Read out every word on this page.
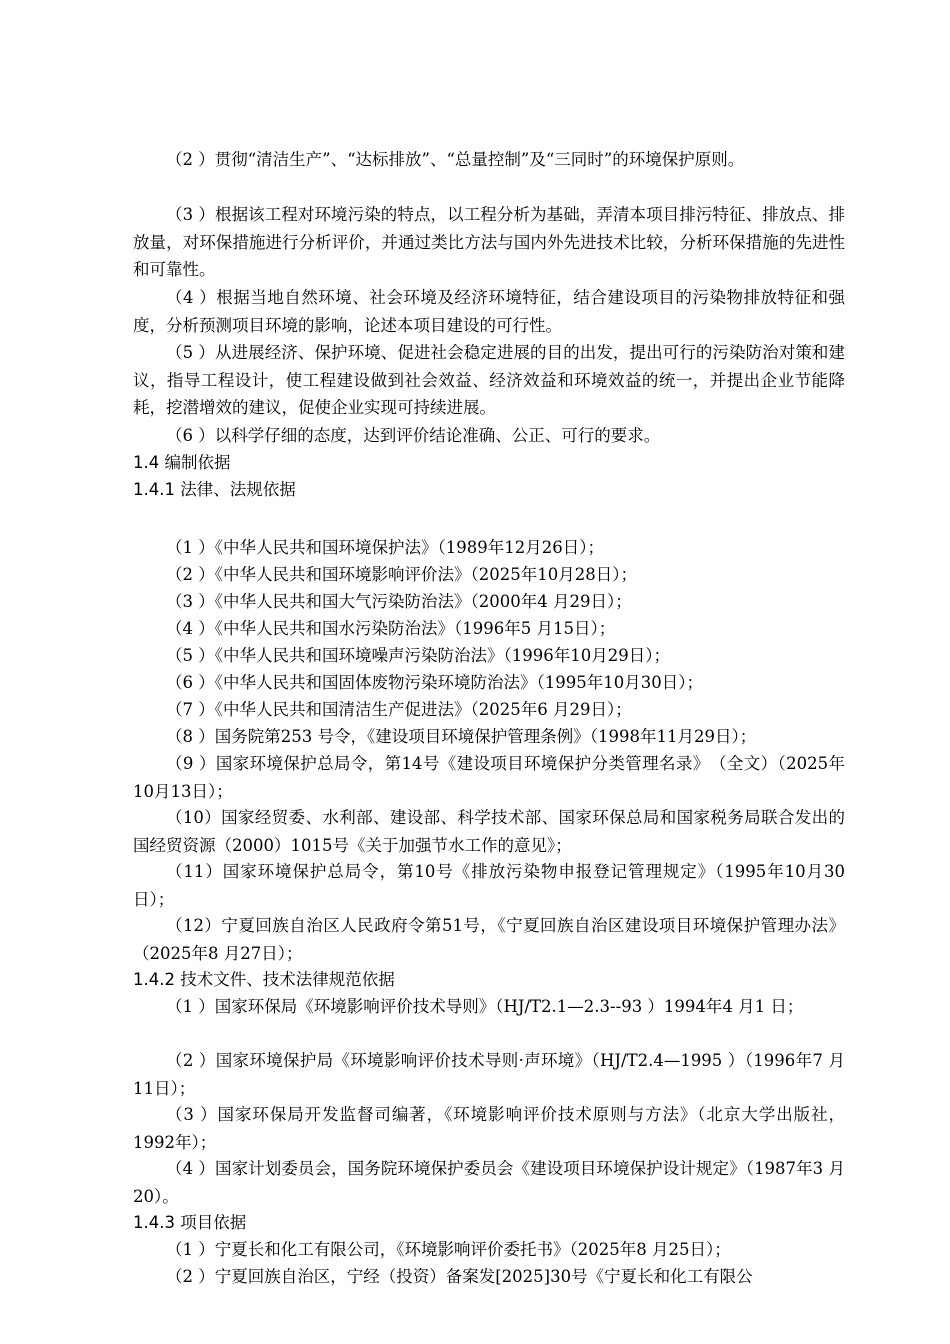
（2 ）贯彻“清洁生产”、“达标排放”、“总量控制”及“三同时”的环境保护原则。

（3 ）根据该工程对环境污染的特点，以工程分析为基础，弄清本项目排污特征、排放点、排放量，对环保措施进行分析评价，并通过类比方法与国内外先进技术比较，分析环保措施的先进性和可靠性。

（4 ）根据当地自然环境、社会环境及经济环境特征，结合建设项目的污染物排放特征和强度，分析预测项目环境的影响，论述本项目建设的可行性。

（5 ）从进展经济、保护环境、促进社会稳定进展的目的出发，提出可行的污染防治对策和建议，指导工程设计，使工程建设做到社会效益、经济效益和环境效益的统一，并提出企业节能降耗，挖潜增效的建议，促使企业实现可持续进展。

（6 ）以科学仔细的态度，达到评价结论准确、公正、可行的要求。

1.4 编制依据
1.4.1 法律、法规依据

（1 ）《中华人民共和国环境保护法》（1989年12月26日）；

（2 ）《中华人民共和国环境影响评价法》（2025年10月28日）；

（3 ）《中华人民共和国大气污染防治法》（2000年4 月29日）；

（4 ）《中华人民共和国水污染防治法》（1996年5 月15日）；

（5 ）《中华人民共和国环境噪声污染防治法》（1996年10月29日）；

（6 ）《中华人民共和国固体废物污染环境防治法》（1995年10月30日）；

（7 ）《中华人民共和国清洁生产促进法》（2025年6 月29日）；

（8 ）国务院第253 号令，《建设项目环境保护管理条例》（1998年11月29日）；

（9 ）国家环境保护总局令，第14号《建设项目环境保护分类管理名录》　（全文）（2025年10月13日）；

（10）国家经贸委、水利部、建设部、科学技术部、国家环保总局和国家税务局联合发出的国经贸资源（2000）1015号《关于加强节水工作的意见》；

（11）国家环境保护总局令，第10号《排放污染物申报登记管理规定》（1995年10月30日）；

（12）宁夏回族自治区人民政府令第51号，《宁夏回族自治区建设项目环境保护管理办法》（2025年8 月27日）；

1.4.2 技术文件、技术法律规范依据

（1 ）国家环保局《环境影响评价技术导则》（HJ/T2.1—2.3--93 ）1994年4 月1 日；

（2 ）国家环境保护局《环境影响评价技术导则·声环境》（HJ/T2.4—1995 ）（1996年7 月11日）；

（3 ）国家环保局开发监督司编著，《环境影响评价技术原则与方法》（北京大学出版社，1992年）；

（4 ）国家计划委员会，国务院环境保护委员会《建设项目环境保护设计规定》（1987年3 月20）。

1.4.3 项目依据

（1 ）宁夏长和化工有限公司，《环境影响评价委托书》（2025年8 月25日）；

（2 ）宁夏回族自治区，宁经（投资）备案发[2025]30号《宁夏长和化工有限公
